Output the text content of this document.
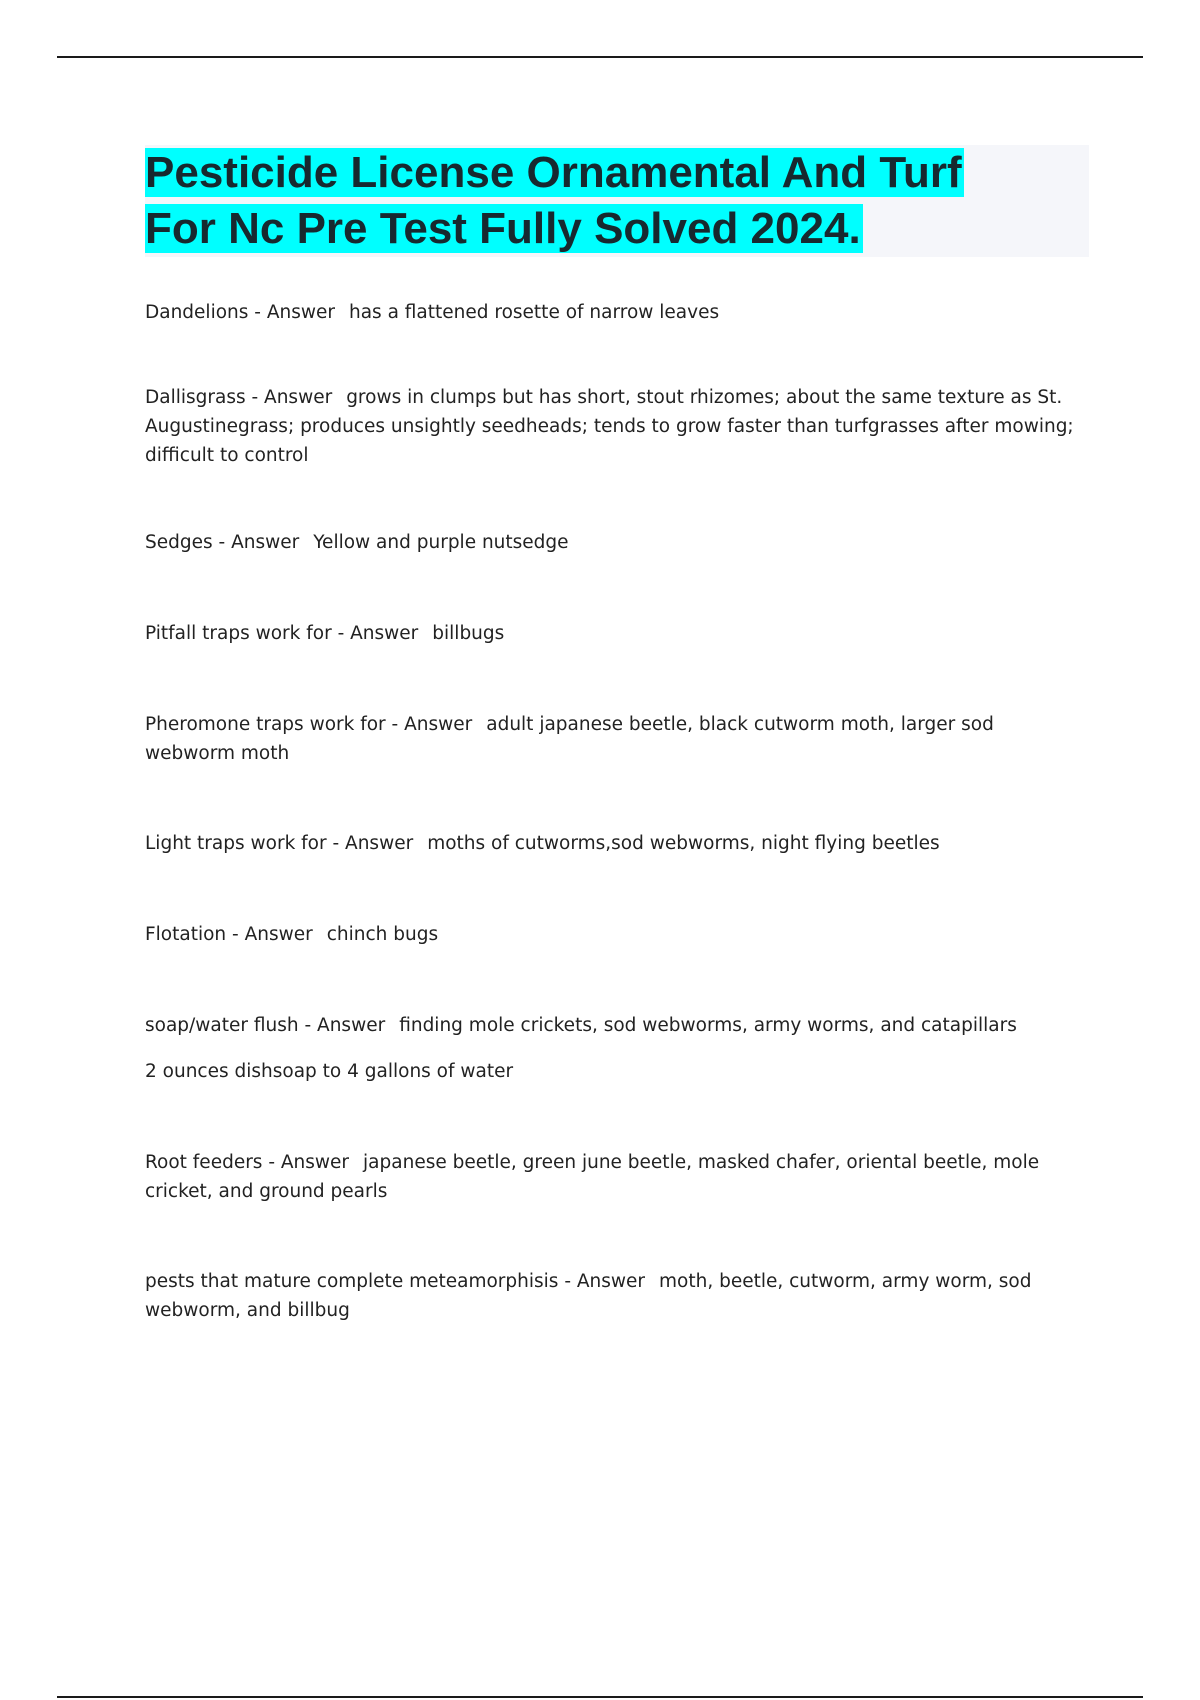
Pesticide License Ornamental And Turf
For Nc Pre Test Fully Solved 2024.
Dandelions - Answer has a flattened rosette of narrow leaves
Dallisgrass - Answer grows in clumps but has short, stout rhizomes; about the same texture as St. Augustinegrass; produces unsightly seedheads; tends to grow faster than turfgrasses after mowing; difficult to control
Sedges - Answer Yellow and purple nutsedge
Pitfall traps work for - Answer billbugs
Pheromone traps work for - Answer adult japanese beetle, black cutworm moth, larger sod webworm moth
Light traps work for - Answer moths of cutworms,sod webworms, night flying beetles
Flotation - Answer chinch bugs
soap/water flush - Answer finding mole crickets, sod webworms, army worms, and catapillars
2 ounces dishsoap to 4 gallons of water
Root feeders - Answer japanese beetle, green june beetle, masked chafer, oriental beetle, mole cricket, and ground pearls
pests that mature complete meteamorphisis - Answer moth, beetle, cutworm, army worm, sod webworm, and billbug
